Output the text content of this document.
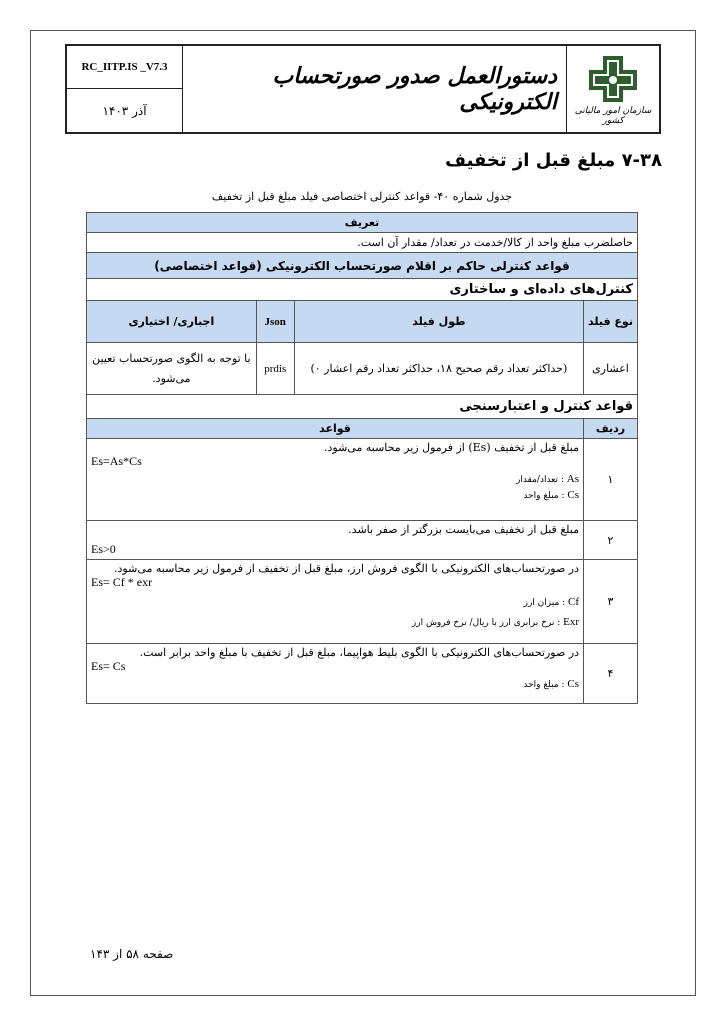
RC_IITP.IS _V7.3
آذر ۱۴۰۳
دستورالعمل صدور صورتحساب الکترونیکی	سازمان امور مالیاتی کشور
۷-۳۸ مبلغ قبل از تخفیف
جدول شماره ۴۰- قواعد کنترلی اختصاصی فیلد مبلغ قبل از تخفیف
تعریف			
حاصلضرب مبلغ واحد از کالا/خدمت در تعداد/ مقدار آن است.			
قواعد کنترلی حاکم بر اقلام صورتحساب الکترونیکی (قواعد اختصاصی)			
کنترل‌های داده‌ای و ساختاری			
نوع فیلد	طول فیلد	Json	اجباری/ اختیاری
اعشاری	(حداکثر تعداد رقم صحیح ۱۸، حداکثر تعداد رقم اعشار ۰)	prdis	با توجه به الگوی صورتحساب تعیین می‌شود.
قواعد کنترل و اعتبارسنجی			
ردیف	قواعد		
۱	مبلغ قبل از تخفیف (Es) از فرمول زیر محاسبه می‌شود.
Es=As*Cs
As : تعداد/مقدار
Cs : مبلغ واحد		

۲	مبلغ قبل از تخفیف می‌بایست بزرگتر از صفر باشد.
Es>0		

۳	در صورتحساب‌های الکترونیکی با الگوی فروش ارز، مبلغ قبل از تخفیف از فرمول زیر محاسبه می‌شود.
Es= Cf * exr
Cf : میزان ارز
Exr : نرخ برابری ارز با ریال/ نرخ فروش ارز		

۴	در صورتحساب‌های الکترونیکی با الگوی بلیط هواپیما، مبلغ قبل از تخفیف با مبلغ واحد برابر است.
Es= Cs
Cs : مبلغ واحد		
صفحه ۵۸ از ۱۴۳
